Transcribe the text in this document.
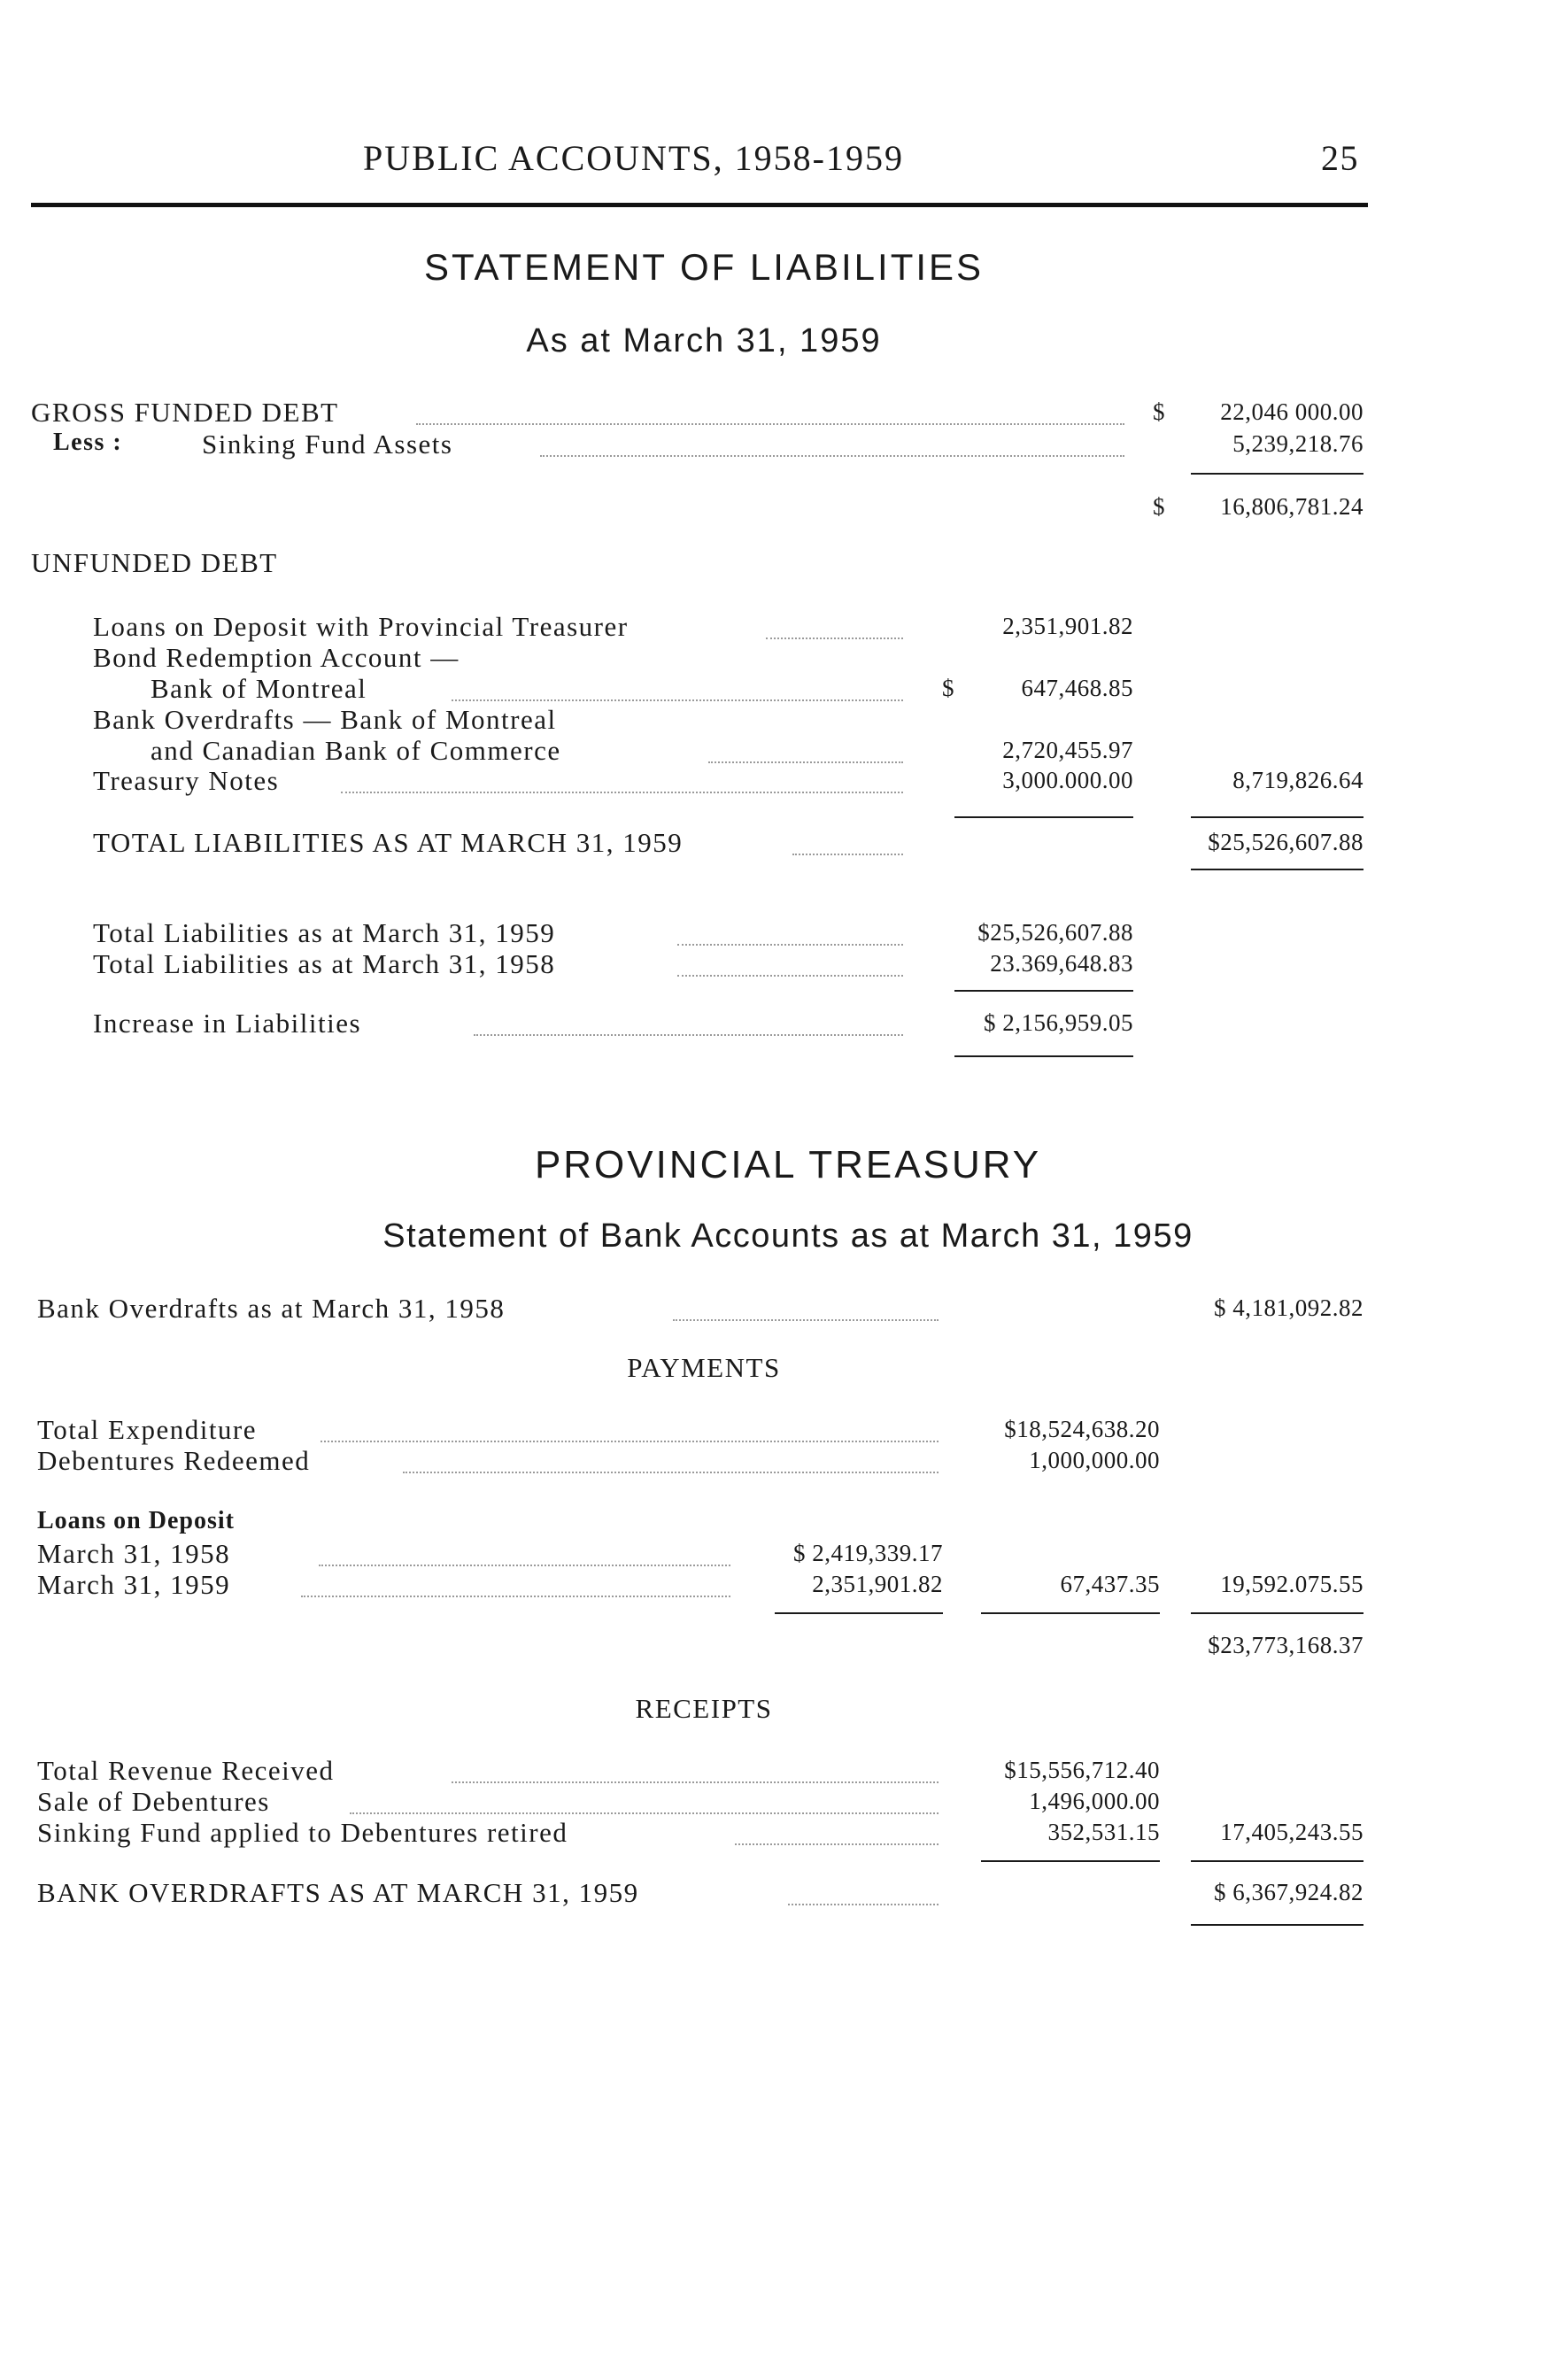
PUBLIC ACCOUNTS, 1958-1959	25
STATEMENT OF LIABILITIES
As at March 31, 1959
GROSS FUNDED DEBT	$	22,046 000.00
Less :	Sinking Fund Assets	5,239,218.76
$	16,806,781.24
UNFUNDED DEBT
Loans on Deposit with Provincial Treasurer	2,351,901.82
Bond Redemption Account —
Bank of Montreal	$	647,468.85
Bank Overdrafts — Bank of Montreal
and Canadian Bank of Commerce	2,720,455.97
Treasury Notes	3,000.000.00	8,719,826.64
TOTAL LIABILITIES AS AT MARCH 31, 1959	$25,526,607.88
Total Liabilities as at March 31, 1959	$25,526,607.88
Total Liabilities as at March 31, 1958	23.369,648.83
Increase in Liabilities	$ 2,156,959.05
PROVINCIAL TREASURY
Statement of Bank Accounts as at March 31, 1959
Bank Overdrafts as at March 31, 1958	$ 4,181,092.82
PAYMENTS
Total Expenditure	$18,524,638.20
Debentures Redeemed	1,000,000.00
Loans on Deposit
March 31, 1958	$ 2,419,339.17
March 31, 1959	2,351,901.82	67,437.35	19,592.075.55
$23,773,168.37
RECEIPTS
Total Revenue Received	$15,556,712.40
Sale of Debentures	1,496,000.00
Sinking Fund applied to Debentures retired	352,531.15	17,405,243.55
BANK OVERDRAFTS AS AT MARCH 31, 1959	$ 6,367,924.82
